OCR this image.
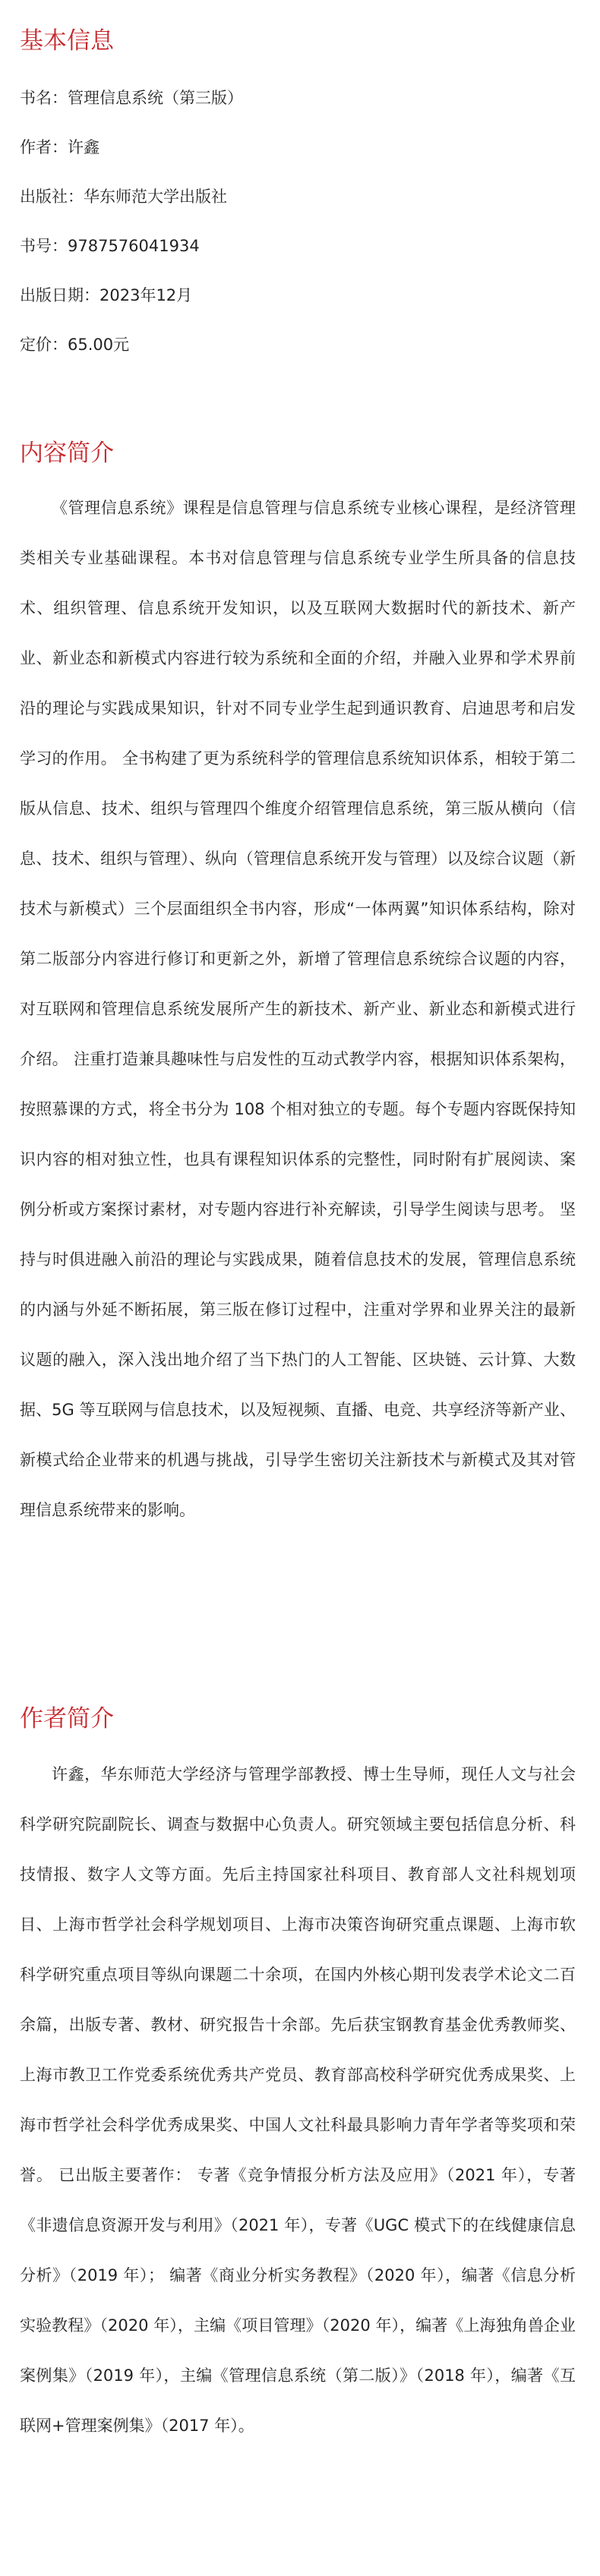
基本信息
书名：管理信息系统（第三版）
作者：许鑫
出版社：华东师范大学出版社
书号：9787576041934
出版日期：2023年12月
定价：65.00元
内容简介

《管理信息系统》课程是信息管理与信息系统专业核心课程，是经济管理类相关专业基础课程。本书对信息管理与信息系统专业学生所具备的信息技术、组织管理、信息系统开发知识，以及互联网大数据时代的新技术、新产业、新业态和新模式内容进行较为系统和全面的介绍，并融入业界和学术界前沿的理论与实践成果知识，针对不同专业学生起到通识教育、启迪思考和启发学习的作用。 全书构建了更为系统科学的管理信息系统知识体系，相较于第二版从信息、技术、组织与管理四个维度介绍管理信息系统，第三版从横向（信息、技术、组织与管理）、纵向（管理信息系统开发与管理）以及综合议题（新技术与新模式）三个层面组织全书内容，形成“一体两翼”知识体系结构，除对第二版部分内容进行修订和更新之外，新增了管理信息系统综合议题的内容，对互联网和管理信息系统发展所产生的新技术、新产业、新业态和新模式进行介绍。 注重打造兼具趣味性与启发性的互动式教学内容，根据知识体系架构，按照慕课的方式，将全书分为 108 个相对独立的专题。每个专题内容既保持知识内容的相对独立性，也具有课程知识体系的完整性，同时附有扩展阅读、案例分析或方案探讨素材，对专题内容进行补充解读，引导学生阅读与思考。 坚持与时俱进融入前沿的理论与实践成果，随着信息技术的发展，管理信息系统的内涵与外延不断拓展，第三版在修订过程中，注重对学界和业界关注的最新议题的融入，深入浅出地介绍了当下热门的人工智能、区块链、云计算、大数据、5G 等互联网与信息技术，以及短视频、直播、电竞、共享经济等新产业、新模式给企业带来的机遇与挑战，引导学生密切关注新技术与新模式及其对管理信息系统带来的影响。

作者简介

许鑫，华东师范大学经济与管理学部教授、博士生导师，现任人文与社会科学研究院副院长、调查与数据中心负责人。研究领域主要包括信息分析、科技情报、数字人文等方面。先后主持国家社科项目、教育部人文社科规划项目、上海市哲学社会科学规划项目、上海市决策咨询研究重点课题、上海市软科学研究重点项目等纵向课题二十余项，在国内外核心期刊发表学术论文二百余篇，出版专著、教材、研究报告十余部。先后获宝钢教育基金优秀教师奖、上海市教卫工作党委系统优秀共产党员、教育部高校科学研究优秀成果奖、上海市哲学社会科学优秀成果奖、中国人文社科最具影响力青年学者等奖项和荣誉。 已出版主要著作： 专著《竞争情报分析方法及应用》（2021 年），专著《非遗信息资源开发与利用》（2021 年），专著《UGC 模式下的在线健康信息分析》（2019 年）； 编著《商业分析实务教程》（2020 年），编著《信息分析实验教程》（2020 年），主编《项目管理》（2020 年），编著《上海独角兽企业案例集》（2019 年），主编《管理信息系统（第二版）》（2018 年），编著《互联网+管理案例集》（2017 年）。
